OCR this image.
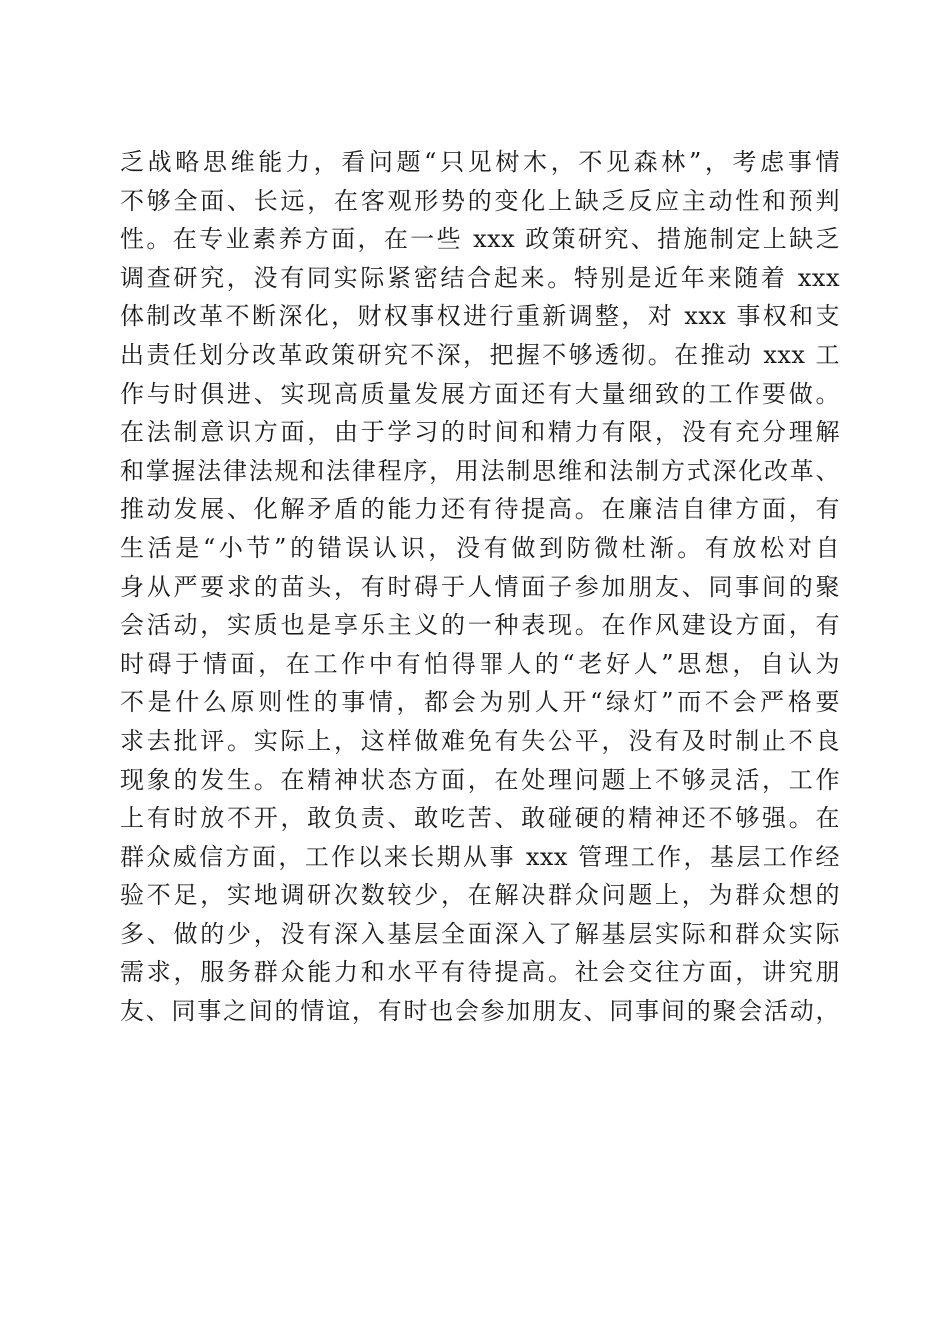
乏战略思维能力，看问题“只见树木，不见森林”，考虑事情
不够全面、长远，在客观形势的变化上缺乏反应主动性和预判
性。在专业素养方面，在一些 xxx 政策研究、措施制定上缺乏
调查研究，没有同实际紧密结合起来。特别是近年来随着 xxx
体制改革不断深化，财权事权进行重新调整，对 xxx 事权和支
出责任划分改革政策研究不深，把握不够透彻。在推动 xxx 工
作与时俱进、实现高质量发展方面还有大量细致的工作要做。
在法制意识方面，由于学习的时间和精力有限，没有充分理解
和掌握法律法规和法律程序，用法制思维和法制方式深化改革、
推动发展、化解矛盾的能力还有待提高。在廉洁自律方面，有
生活是“小节”的错误认识，没有做到防微杜渐。有放松对自
身从严要求的苗头，有时碍于人情面子参加朋友、同事间的聚
会活动，实质也是享乐主义的一种表现。在作风建设方面，有
时碍于情面，在工作中有怕得罪人的“老好人”思想，自认为
不是什么原则性的事情，都会为别人开“绿灯”而不会严格要
求去批评。实际上，这样做难免有失公平，没有及时制止不良
现象的发生。在精神状态方面，在处理问题上不够灵活，工作
上有时放不开，敢负责、敢吃苦、敢碰硬的精神还不够强。在
群众威信方面，工作以来长期从事 xxx 管理工作，基层工作经
验不足，实地调研次数较少，在解决群众问题上，为群众想的
多、做的少，没有深入基层全面深入了解基层实际和群众实际
需求，服务群众能力和水平有待提高。社会交往方面，讲究朋
友、同事之间的情谊，有时也会参加朋友、同事间的聚会活动，
